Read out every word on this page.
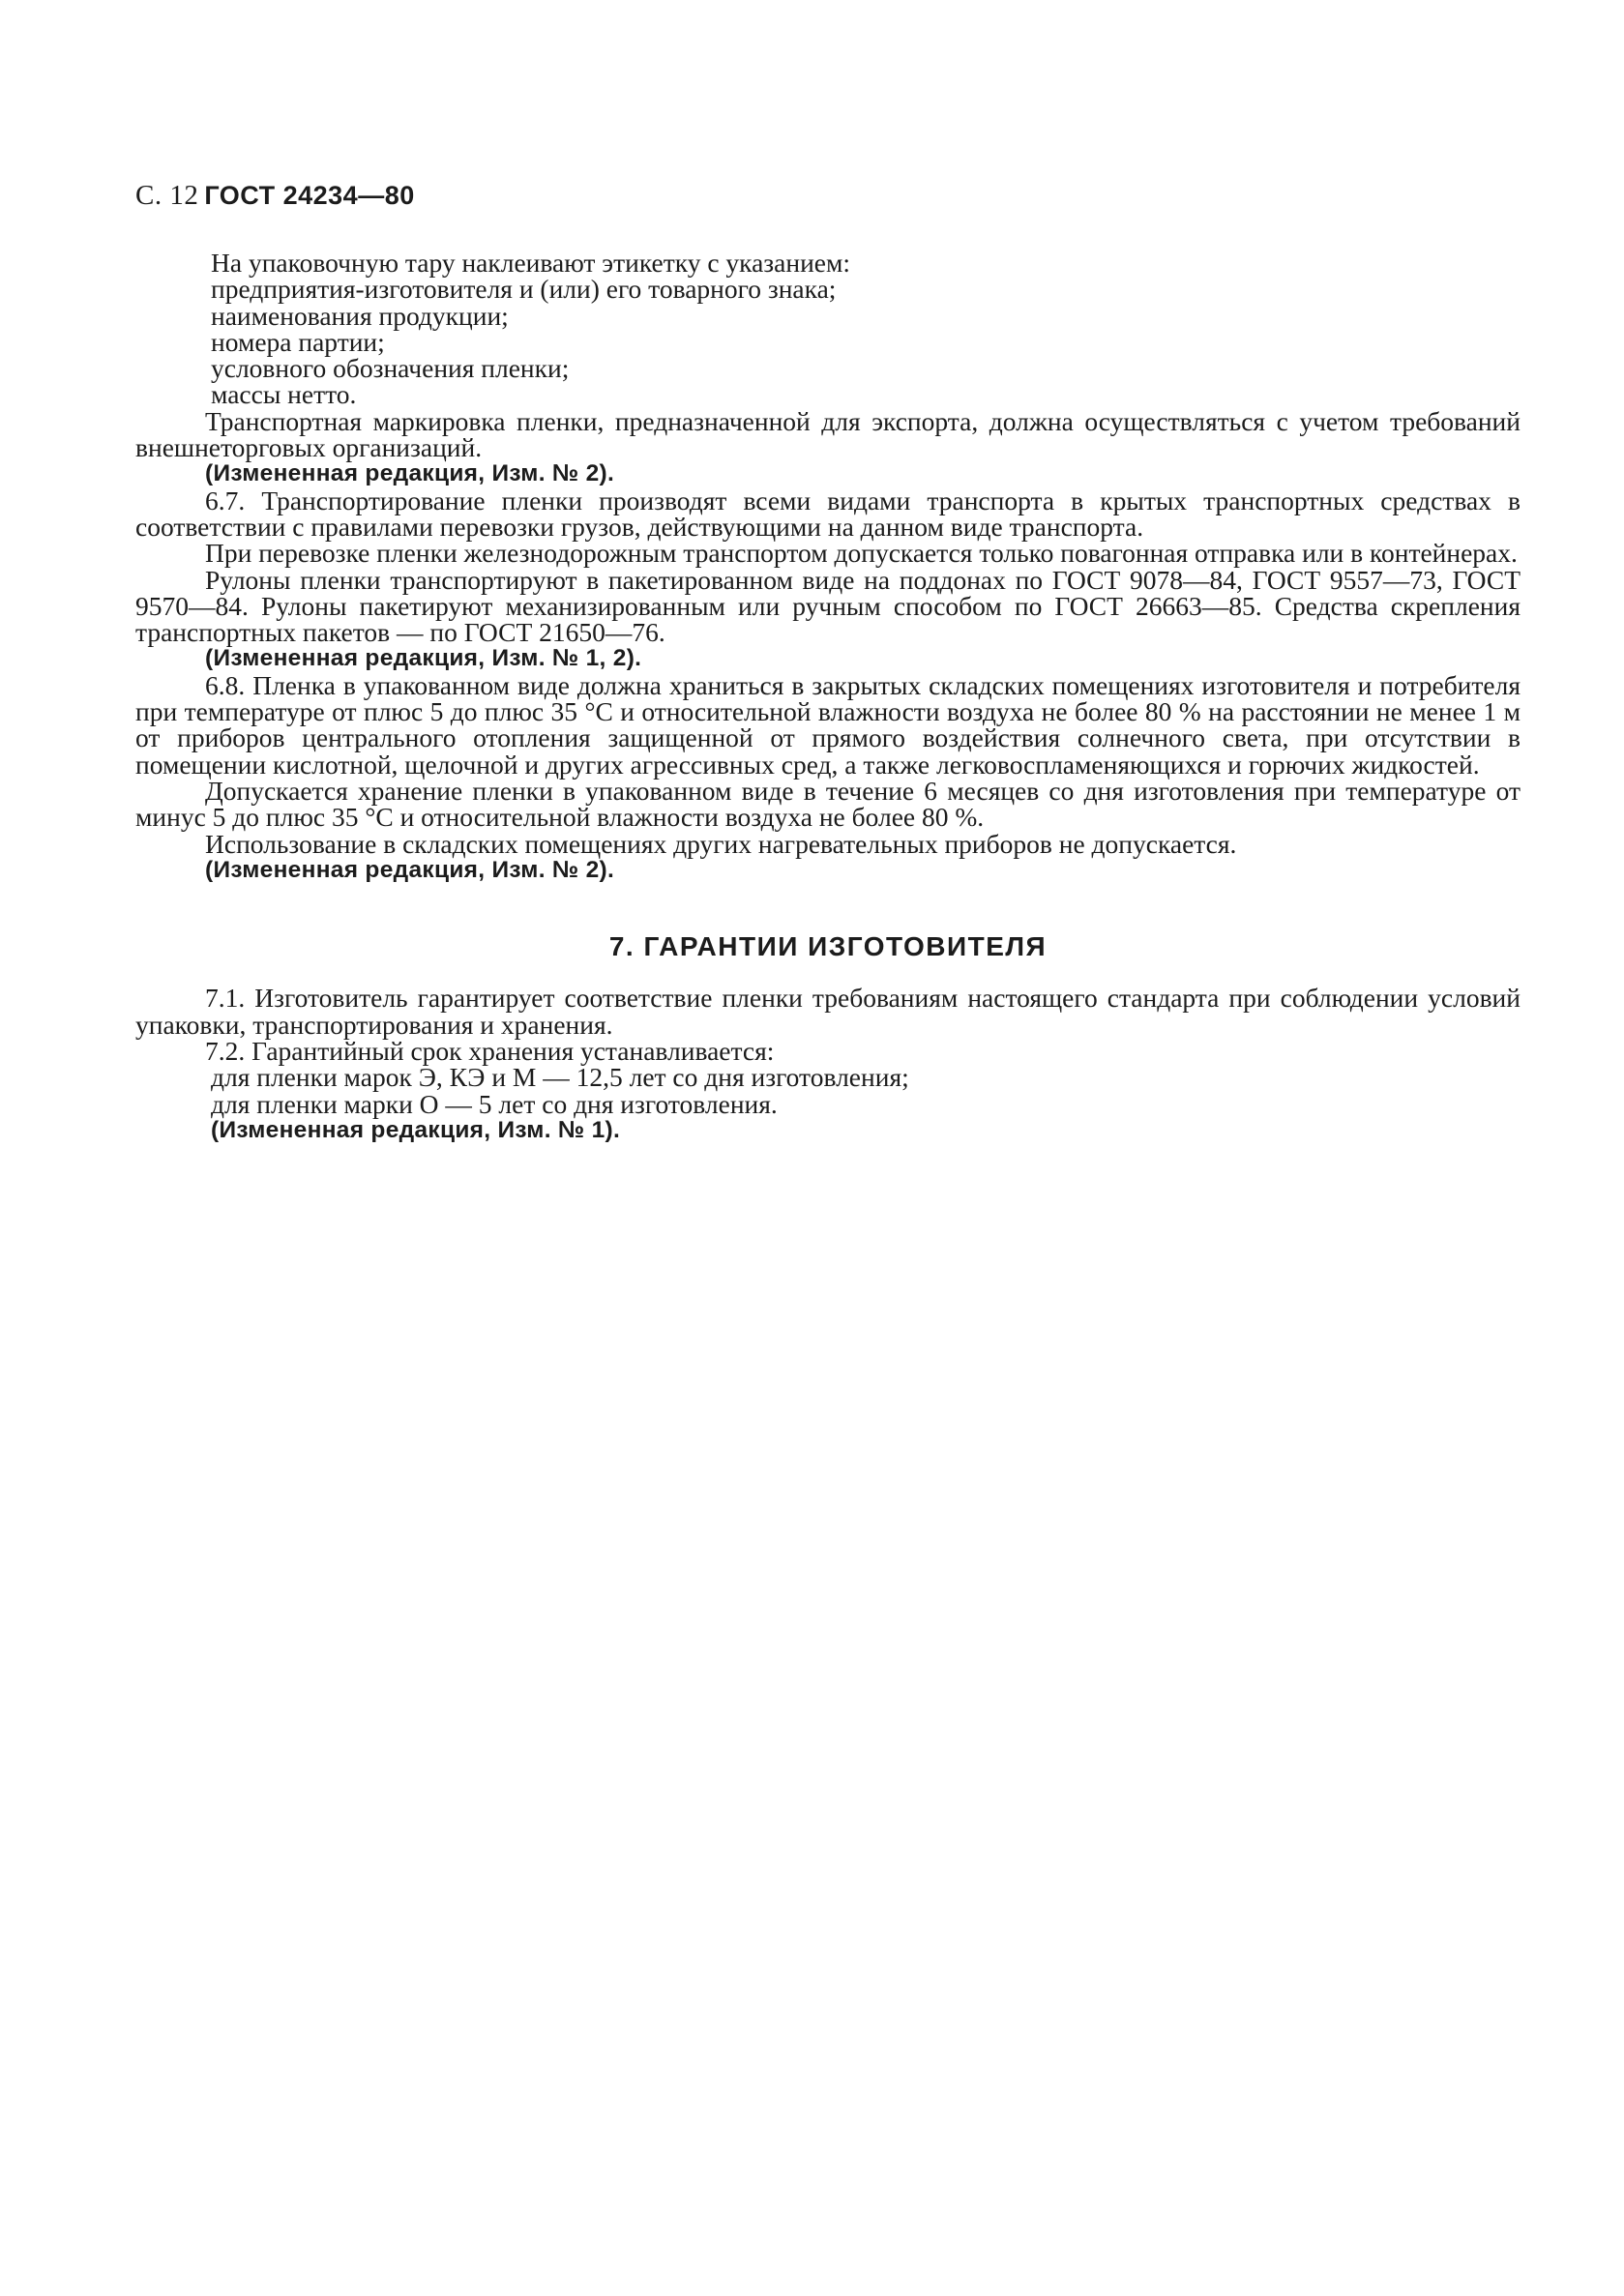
С. 12 ГОСТ 24234—80

На упаковочную тару наклеивают этикетку с указанием:

предприятия-изготовителя и (или) его товарного знака;

наименования продукции;

номера партии;

условного обозначения пленки;

массы нетто.

Транспортная маркировка пленки, предназначенной для экспорта, должна осуществляться с учетом требований внешнеторговых организаций.

(Измененная редакция, Изм. № 2).

6.7. Транспортирование пленки производят всеми видами транспорта в крытых транспортных средствах в соответствии с правилами перевозки грузов, действующими на данном виде транспорта.

При перевозке пленки железнодорожным транспортом допускается только повагонная отправка или в контейнерах.

Рулоны пленки транспортируют в пакетированном виде на поддонах по ГОСТ 9078—84, ГОСТ 9557—73, ГОСТ 9570—84. Рулоны пакетируют механизированным или ручным способом по ГОСТ 26663—85. Средства скрепления транспортных пакетов — по ГОСТ 21650—76.

(Измененная редакция, Изм. № 1, 2).

6.8. Пленка в упакованном виде должна храниться в закрытых складских помещениях изготовителя и потребителя при температуре от плюс 5 до плюс 35 °С и относительной влажности воздуха не более 80 % на расстоянии не менее 1 м от приборов центрального отопления защищенной от прямого воздействия солнечного света, при отсутствии в помещении кислотной, щелочной и других агрессивных сред, а также легковоспламеняющихся и горючих жидкостей.

Допускается хранение пленки в упакованном виде в течение 6 месяцев со дня изготовления при температуре от минус 5 до плюс 35 °С и относительной влажности воздуха не более 80 %.

Использование в складских помещениях других нагревательных приборов не допускается.

(Измененная редакция, Изм. № 2).

7. ГАРАНТИИ ИЗГОТОВИТЕЛЯ

7.1. Изготовитель гарантирует соответствие пленки требованиям настоящего стандарта при соблюдении условий упаковки, транспортирования и хранения.

7.2. Гарантийный срок хранения устанавливается:

для пленки марок Э, КЭ и М — 12,5 лет со дня изготовления;

для пленки марки О — 5 лет со дня изготовления.

(Измененная редакция, Изм. № 1).
